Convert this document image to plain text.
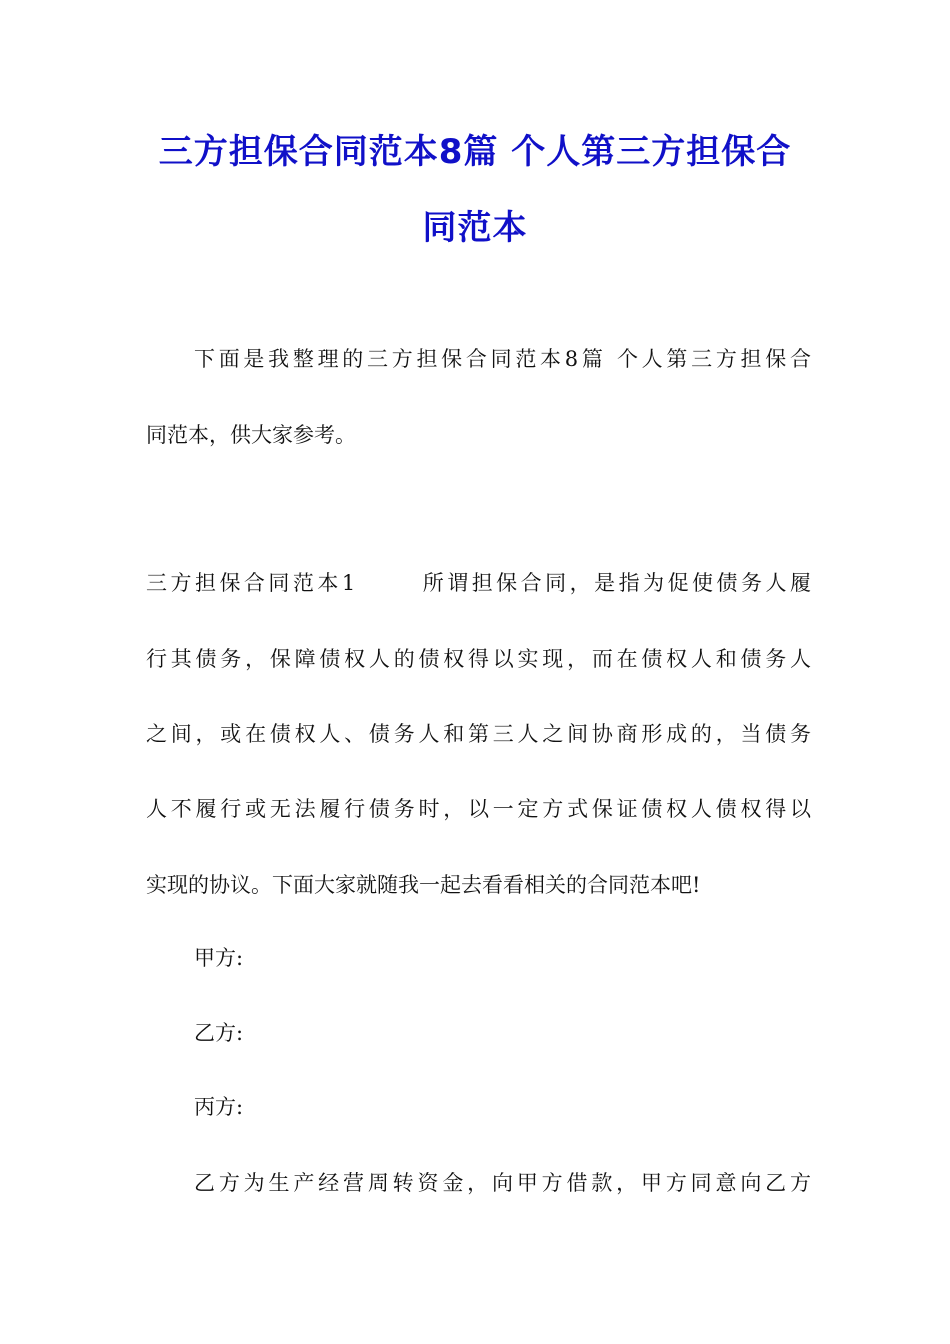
三方担保合同范本8篇 个人第三方担保合
同范本
下面是我整理的三方担保合同范本8篇 个人第三方担保合
同范本，供大家参考。
三方担保合同范本1	所谓担保合同，是指为促使债务人履
行其债务，保障债权人的债权得以实现，而在债权人和债务人
之间，或在债权人、债务人和第三人之间协商形成的，当债务
人不履行或无法履行债务时，以一定方式保证债权人债权得以
实现的协议。下面大家就随我一起去看看相关的合同范本吧!
甲方:
乙方:
丙方:
乙方为生产经营周转资金，向甲方借款，甲方同意向乙方
